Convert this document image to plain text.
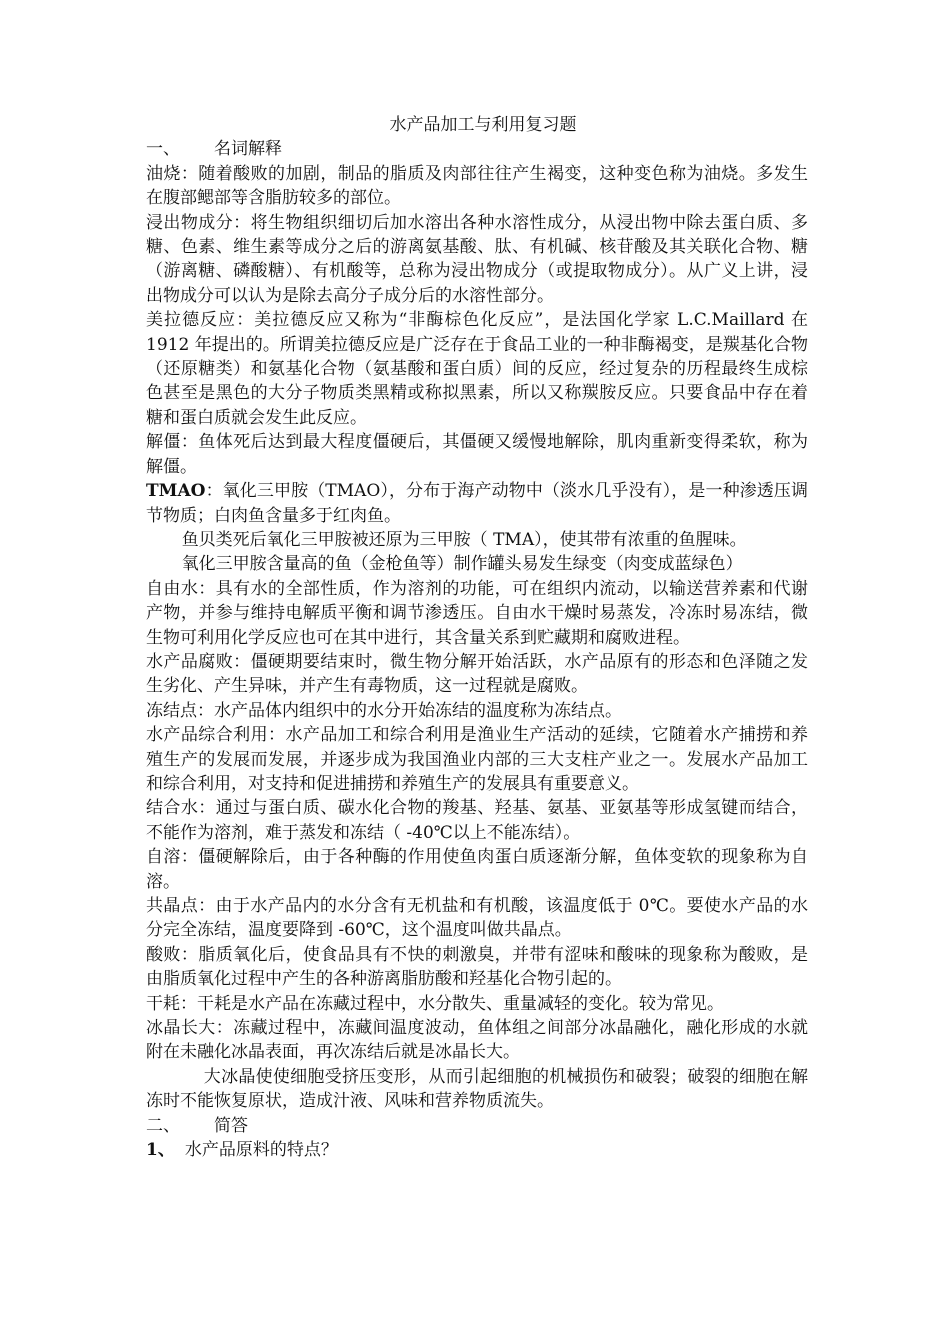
水产品加工与利用复习题

一、 名词解释

油烧：随着酸败的加剧，制品的脂质及肉部往往产生褐变，这种变色称为油烧。多发生在腹部鳃部等含脂肪较多的部位。

浸出物成分：将生物组织细切后加水溶出各种水溶性成分，从浸出物中除去蛋白质、多糖、色素、维生素等成分之后的游离氨基酸、肽、有机碱、核苷酸及其关联化合物、糖（游离糖、磷酸糖）、有机酸等，总称为浸出物成分（或提取物成分）。从广义上讲，浸出物成分可以认为是除去高分子成分后的水溶性部分。

美拉德反应：美拉德反应又称为“非酶棕色化反应”，是法国化学家 L.C.Maillard 在 1912 年提出的。所谓美拉德反应是广泛存在于食品工业的一种非酶褐变，是羰基化合物（还原糖类）和氨基化合物（氨基酸和蛋白质）间的反应，经过复杂的历程最终生成棕色甚至是黑色的大分子物质类黑精或称拟黑素，所以又称羰胺反应。只要食品中存在着糖和蛋白质就会发生此反应。

解僵：鱼体死后达到最大程度僵硬后，其僵硬又缓慢地解除，肌肉重新变得柔软，称为解僵。

TMAO：氧化三甲胺（TMAO），分布于海产动物中（淡水几乎没有），是一种渗透压调节物质；白肉鱼含量多于红肉鱼。

鱼贝类死后氧化三甲胺被还原为三甲胺（ TMA），使其带有浓重的鱼腥味。

氧化三甲胺含量高的鱼（金枪鱼等）制作罐头易发生绿变（肉变成蓝绿色）

自由水：具有水的全部性质，作为溶剂的功能，可在组织内流动，以输送营养素和代谢产物，并参与维持电解质平衡和调节渗透压。自由水干燥时易蒸发，冷冻时易冻结，微生物可利用化学反应也可在其中进行，其含量关系到贮藏期和腐败进程。

水产品腐败：僵硬期要结束时，微生物分解开始活跃，水产品原有的形态和色泽随之发生劣化、产生异味，并产生有毒物质，这一过程就是腐败。

冻结点：水产品体内组织中的水分开始冻结的温度称为冻结点。

水产品综合利用：水产品加工和综合利用是渔业生产活动的延续，它随着水产捕捞和养殖生产的发展而发展，并逐步成为我国渔业内部的三大支柱产业之一。发展水产品加工和综合利用，对支持和促进捕捞和养殖生产的发展具有重要意义。

结合水：通过与蛋白质、碳水化合物的羧基、羟基、氨基、亚氨基等形成氢键而结合，不能作为溶剂，难于蒸发和冻结（ -40℃以上不能冻结）。

自溶：僵硬解除后，由于各种酶的作用使鱼肉蛋白质逐渐分解，鱼体变软的现象称为自溶。

共晶点：由于水产品内的水分含有无机盐和有机酸，该温度低于 0℃。要使水产品的水分完全冻结，温度要降到 -60℃，这个温度叫做共晶点。

酸败：脂质氧化后，使食品具有不快的刺激臭，并带有涩味和酸味的现象称为酸败，是由脂质氧化过程中产生的各种游离脂肪酸和羟基化合物引起的。

干耗：干耗是水产品在冻藏过程中，水分散失、重量减轻的变化。较为常见。

冰晶长大：冻藏过程中，冻藏间温度波动，鱼体组之间部分冰晶融化，融化形成的水就附在未融化冰晶表面，再次冻结后就是冰晶长大。

大冰晶使使细胞受挤压变形，从而引起细胞的机械损伤和破裂；破裂的细胞在解冻时不能恢复原状，造成汁液、风味和营养物质流失。

二、 简答

1、 水产品原料的特点？
